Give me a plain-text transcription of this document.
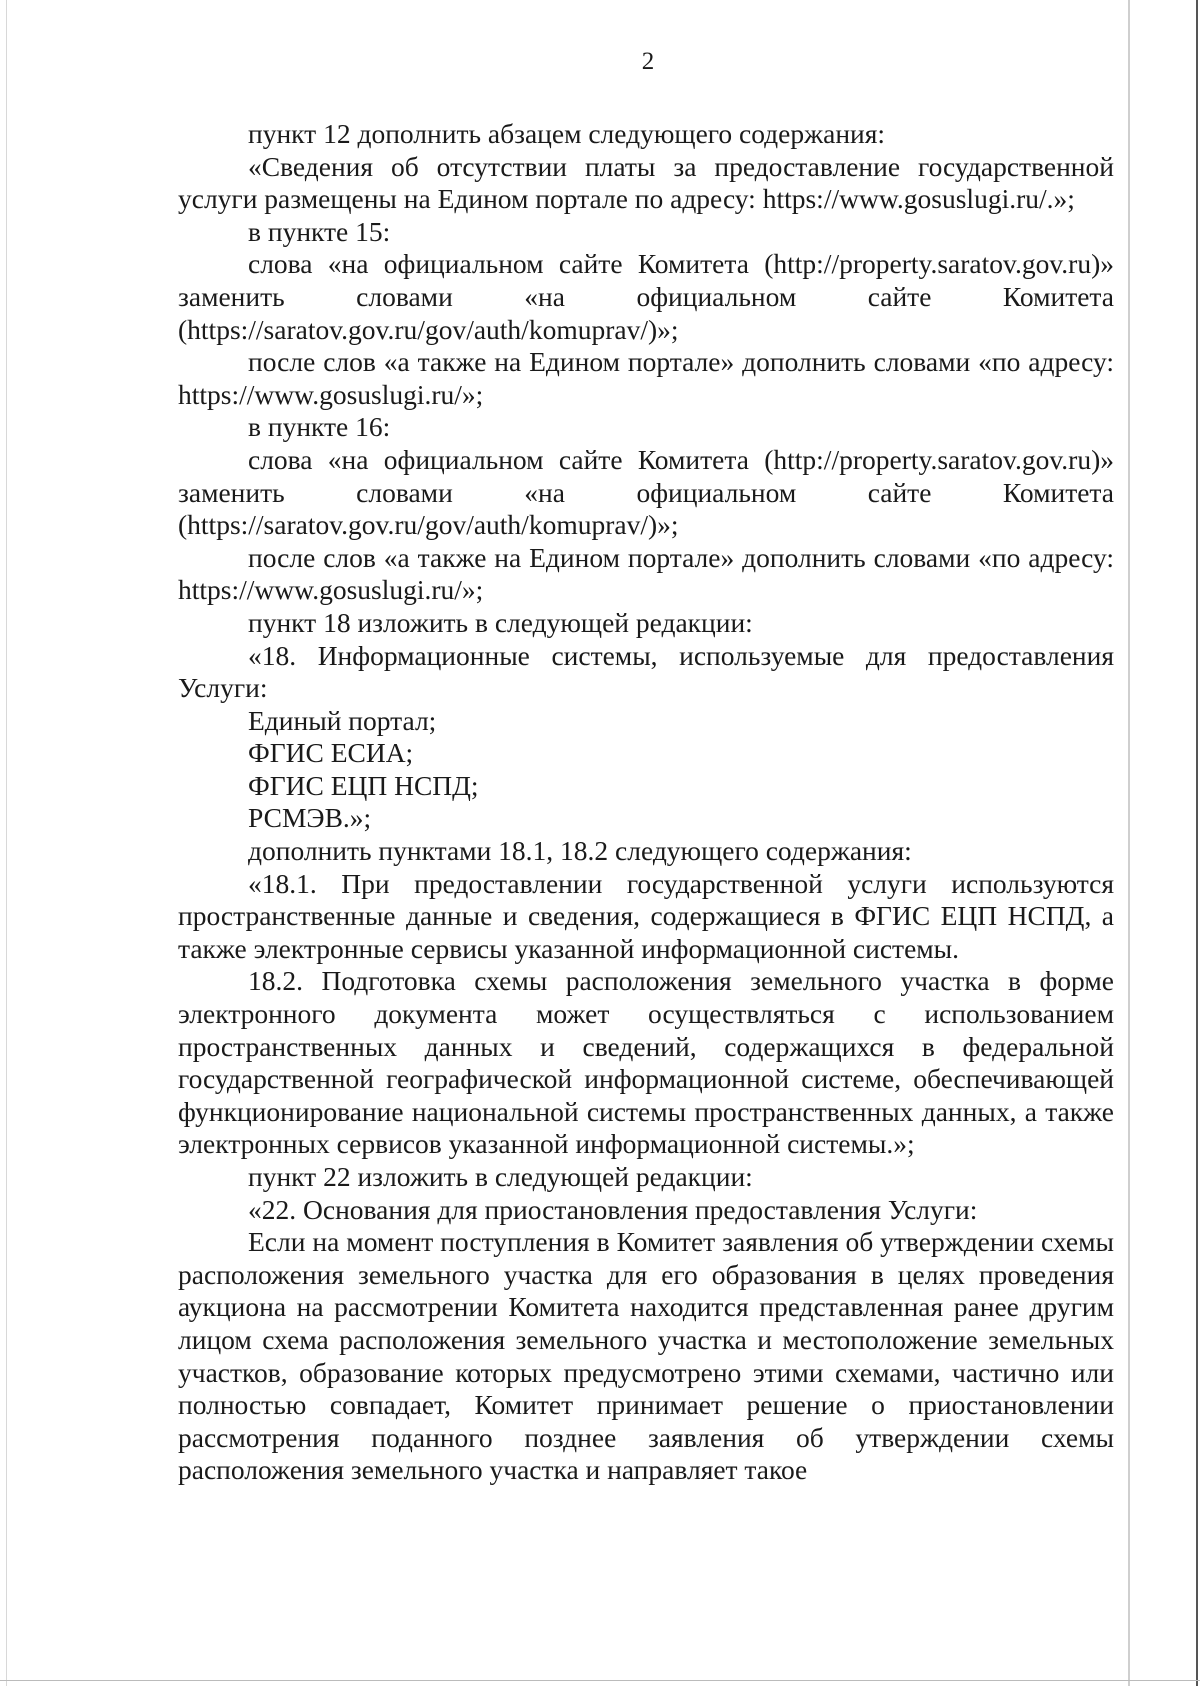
2

пункт 12 дополнить абзацем следующего содержания:

«Сведения об отсутствии платы за предоставление государственной услуги размещены на Едином портале по адресу: https://www.gosuslugi.ru/.»;

в пункте 15:

слова «на официальном сайте Комитета (http://property.saratov.gov.ru)» заменить словами «на официальном сайте Комитета (https://saratov.gov.ru/gov/auth/komuprav/)»;

после слов «а также на Едином портале» дополнить словами «по адресу: https://www.gosuslugi.ru/»;

в пункте 16:

слова «на официальном сайте Комитета (http://property.saratov.gov.ru)» заменить словами «на официальном сайте Комитета (https://saratov.gov.ru/gov/auth/komuprav/)»;

после слов «а также на Едином портале» дополнить словами «по адресу: https://www.gosuslugi.ru/»;

пункт 18 изложить в следующей редакции:

«18. Информационные системы, используемые для предоставления Услуги:

Единый портал;

ФГИС ЕСИА;

ФГИС ЕЦП НСПД;

РСМЭВ.»;

дополнить пунктами 18.1, 18.2 следующего содержания:

«18.1. При предоставлении государственной услуги используются пространственные данные и сведения, содержащиеся в ФГИС ЕЦП НСПД, а также электронные сервисы указанной информационной системы.

18.2. Подготовка схемы расположения земельного участка в форме электронного документа может осуществляться с использованием пространственных данных и сведений, содержащихся в федеральной государственной географической информационной системе, обеспечивающей функционирование национальной системы пространственных данных, а также электронных сервисов указанной информационной системы.»;

пункт 22 изложить в следующей редакции:

«22. Основания для приостановления предоставления Услуги:

Если на момент поступления в Комитет заявления об утверждении схемы расположения земельного участка для его образования в целях проведения аукциона на рассмотрении Комитета находится представленная ранее другим лицом схема расположения земельного участка и местоположение земельных участков, образование которых предусмотрено этими схемами, частично или полностью совпадает, Комитет принимает решение о приостановлении рассмотрения поданного позднее заявления об утверждении схемы расположения земельного участка и направляет такое
